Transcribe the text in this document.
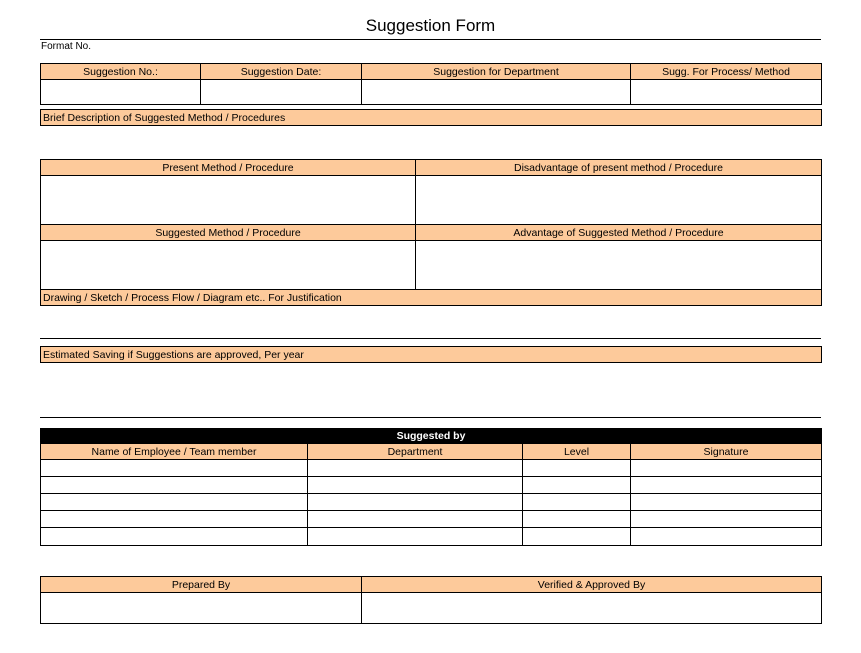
Suggestion Form
Format No.
Suggestion No.:	Suggestion Date:	Suggestion for Department	Sugg. For Process/ Method
Brief Description of Suggested Method / Procedures
Present Method / Procedure	Disadvantage of present method / Procedure
Suggested Method / Procedure	Advantage of Suggested Method / Procedure
Drawing / Sketch / Process Flow / Diagram etc.. For Justification
Estimated Saving if Suggestions are approved, Per year
Suggested by
Name of Employee / Team member	Department	Level	Signature
Prepared By	Verified & Approved By
